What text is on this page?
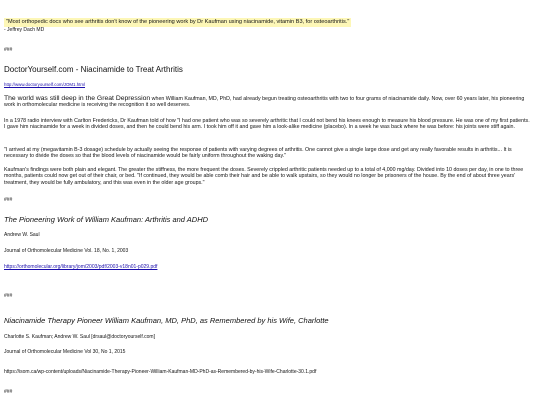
"Most orthopedic docs who see arthritis don't know of the pioneering work by Dr Kaufman using niacinamide, vitamin B3, for osteoarthritis."

- Jeffrey Dach MD

###

DoctorYourself.com - Niacinamide to Treat Arthritis

http://www.doctoryourself.com/JOM1.html

The world was still deep in the Great Depression when William Kaufman, MD, PhD, had already begun treating osteoarthritis with two to four grams of niacinamide daily. Now, over 60 years later, his pioneering work in orthomolecular medicine is receiving the recognition it so well deserves.

In a 1978 radio interview with Carlton Fredericks, Dr Kaufman told of how "I had one patient who was so severely arthritic that I could not bend his knees enough to measure his blood pressure. He was one of my first patients. I gave him niacinamide for a week in divided doses, and then he could bend his arm. I took him off it and gave him a look-alike medicine (placebo). In a week he was back where he was before: his joints were stiff again.

"I arrived at my (megavitamin B-3 dosage) schedule by actually seeing the response of patients with varying degrees of arthritis. One cannot give a single large dose and get any really favorable results in arthritis... It is necessary to divide the doses so that the blood levels of niacinamide would be fairly uniform throughout the waking day."

Kaufman's findings were both plain and elegant. The greater the stiffness, the more frequent the doses. Severely crippled arthritic patients needed up to a total of 4,000 mg/day. Divided into 10 doses per day, in one to three months, patients could now get out of their chair, or bed. "If continued, they would be able comb their hair and be able to walk upstairs, so they would no longer be prisoners of the house. By the end of about three years' treatment, they would be fully ambulatory, and this was even in the older age groups."

###

The Pioneering Work of William Kaufman: Arthritis and ADHD

Andrew W. Saul

Journal of Orthomolecular Medicine Vol. 18, No. 1, 2003

https://orthomolecular.org/library/jom/2003/pdf/2003-v18n01-p029.pdf

###

Niacinamide Therapy Pioneer William Kaufman, MD, PhD, as Remembered by his Wife, Charlotte

Charlotte S. Kaufman; Andrew W. Saul [drsaul@doctoryourself.com]

Journal of Orthomolecular Medicine Vol 30, No 1, 2015

https://isom.ca/wp-content/uploads/Niacinamide-Therapy-Pioneer-William-Kaufman-MD-PhD-as-Remembered-by-his-Wife-Charlotte-30.1.pdf

###
